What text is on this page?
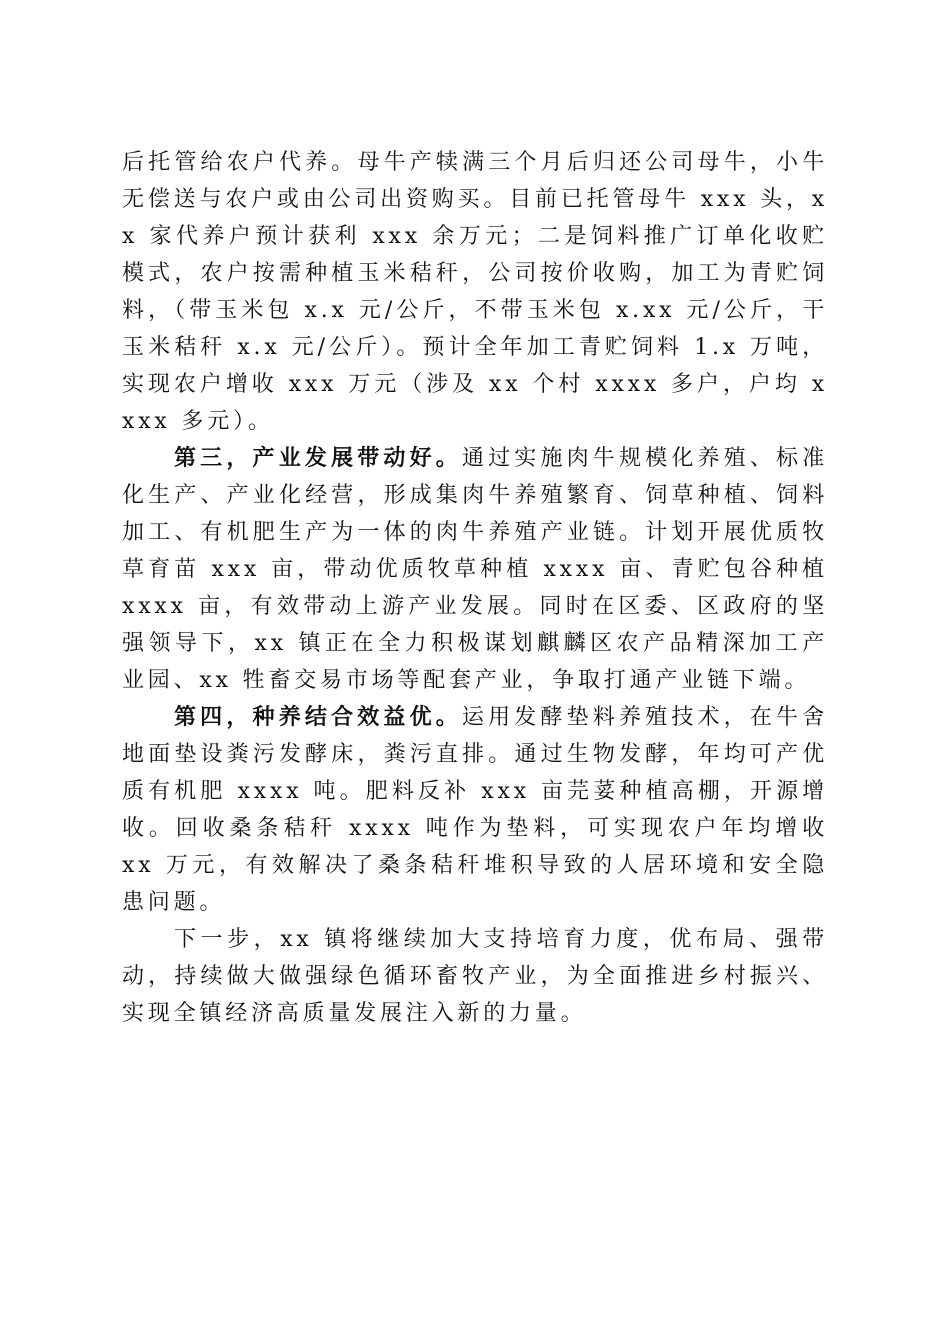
后托管给农户代养。母牛产犊满三个月后归还公司母牛，小牛无偿送与农户或由公司出资购买。目前已托管母牛 xxx 头，xx 家代养户预计获利 xxx 余万元；二是饲料推广订单化收贮模式，农户按需种植玉米秸秆，公司按价收购，加工为青贮饲料，（带玉米包 x.x 元/公斤，不带玉米包 x.xx 元/公斤，干玉米秸秆 x.x 元/公斤）。预计全年加工青贮饲料 1.x 万吨，实现农户增收 xxx 万元（涉及 xx 个村 xxxx 多户，户均 xxxx 多元）。

第三，产业发展带动好。通过实施肉牛规模化养殖、标准化生产、产业化经营，形成集肉牛养殖繁育、饲草种植、饲料加工、有机肥生产为一体的肉牛养殖产业链。计划开展优质牧草育苗 xxx 亩，带动优质牧草种植 xxxx 亩、青贮包谷种植 xxxx 亩，有效带动上游产业发展。同时在区委、区政府的坚强领导下，xx 镇正在全力积极谋划麒麟区农产品精深加工产业园、xx 牲畜交易市场等配套产业，争取打通产业链下端。

第四，种养结合效益优。运用发酵垫料养殖技术，在牛舍地面垫设粪污发酵床，粪污直排。通过生物发酵，年均可产优质有机肥 xxxx 吨。肥料反补 xxx 亩芫荽种植高棚，开源增收。回收桑条秸秆 xxxx 吨作为垫料，可实现农户年均增收 xx 万元，有效解决了桑条秸秆堆积导致的人居环境和安全隐患问题。

下一步，xx 镇将继续加大支持培育力度，优布局、强带动，持续做大做强绿色循环畜牧产业，为全面推进乡村振兴、实现全镇经济高质量发展注入新的力量。
